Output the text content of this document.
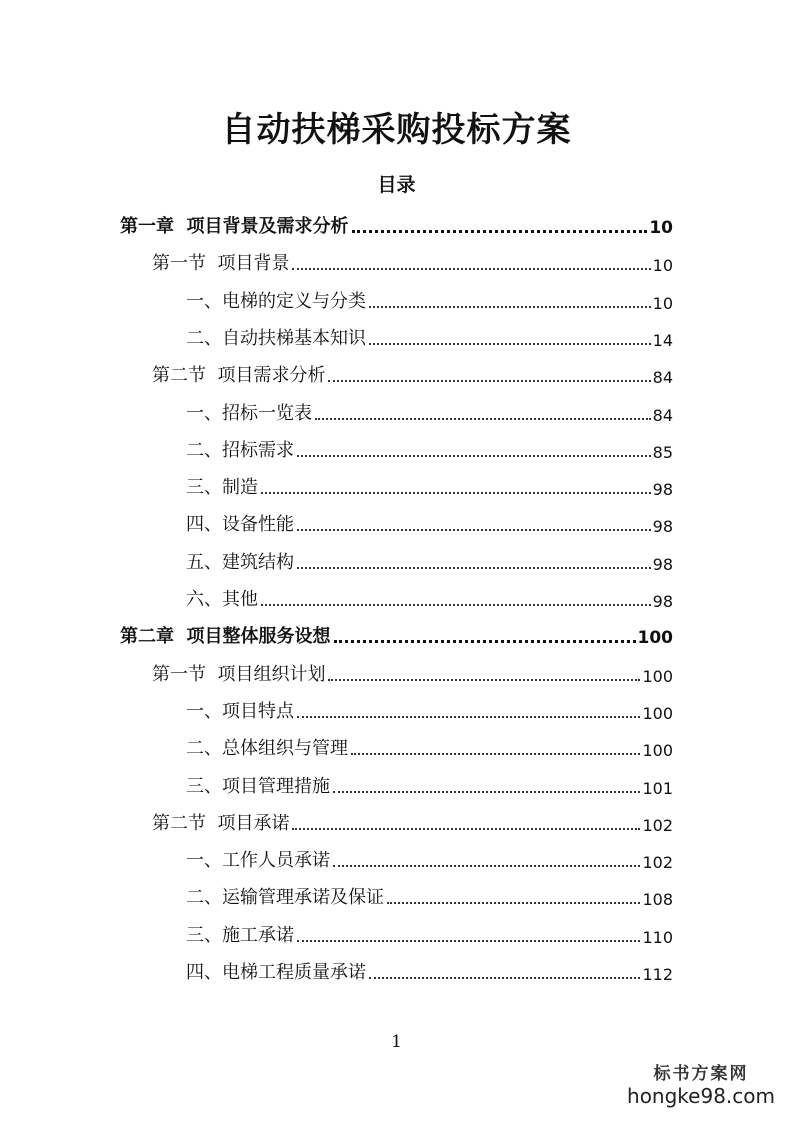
自动扶梯采购投标方案
目录
第一章  项目背景及需求分析	10
第一节  项目背景	10
一、电梯的定义与分类	10
二、自动扶梯基本知识	14
第二节  项目需求分析	84
一、招标一览表	84
二、招标需求	85
三、制造	98
四、设备性能	98
五、建筑结构	98
六、其他	98
第二章  项目整体服务设想	100
第一节  项目组织计划	100
一、项目特点	100
二、总体组织与管理	100
三、项目管理措施	101
第二节  项目承诺	102
一、工作人员承诺	102
二、运输管理承诺及保证	108
三、施工承诺	110
四、电梯工程质量承诺	112
1
标书方案网
hongke98.com
